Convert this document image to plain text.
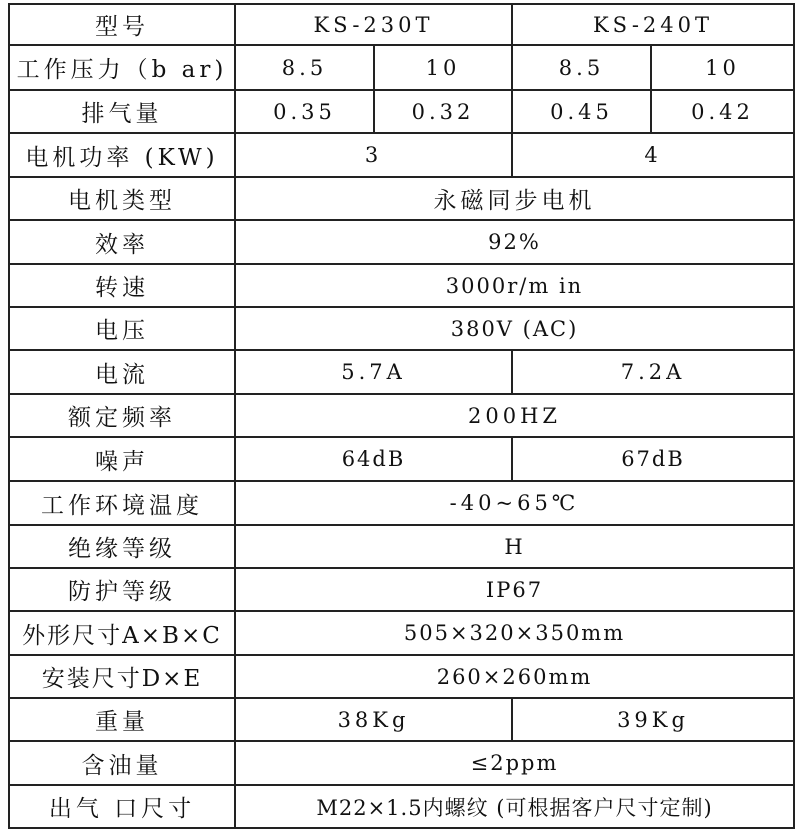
型号	KS-230T		KS-240T	
工作压力（b ar)	8.5	10	8.5	10
排气量	0.35	0.32	0.45	0.42
电机功率 (KW)	3		4	
电机类型	永磁同步电机			
效率	92%			
转速	3000r/m in			
电压	380V (AC)			
电流	5.7A		7.2A	
额定频率	200HZ			
噪声	64dB		67dB	
工作环境温度	-40~65℃			
绝缘等级	H			
防护等级	IP67			
外形尺寸A×B×C	505×320×350mm			
安装尺寸D×E	260×260mm			
重量	38Kg		39Kg	
含油量	≤2ppm			
出气 口尺寸	M22×1.5内螺纹 (可根据客户尺寸定制)			
